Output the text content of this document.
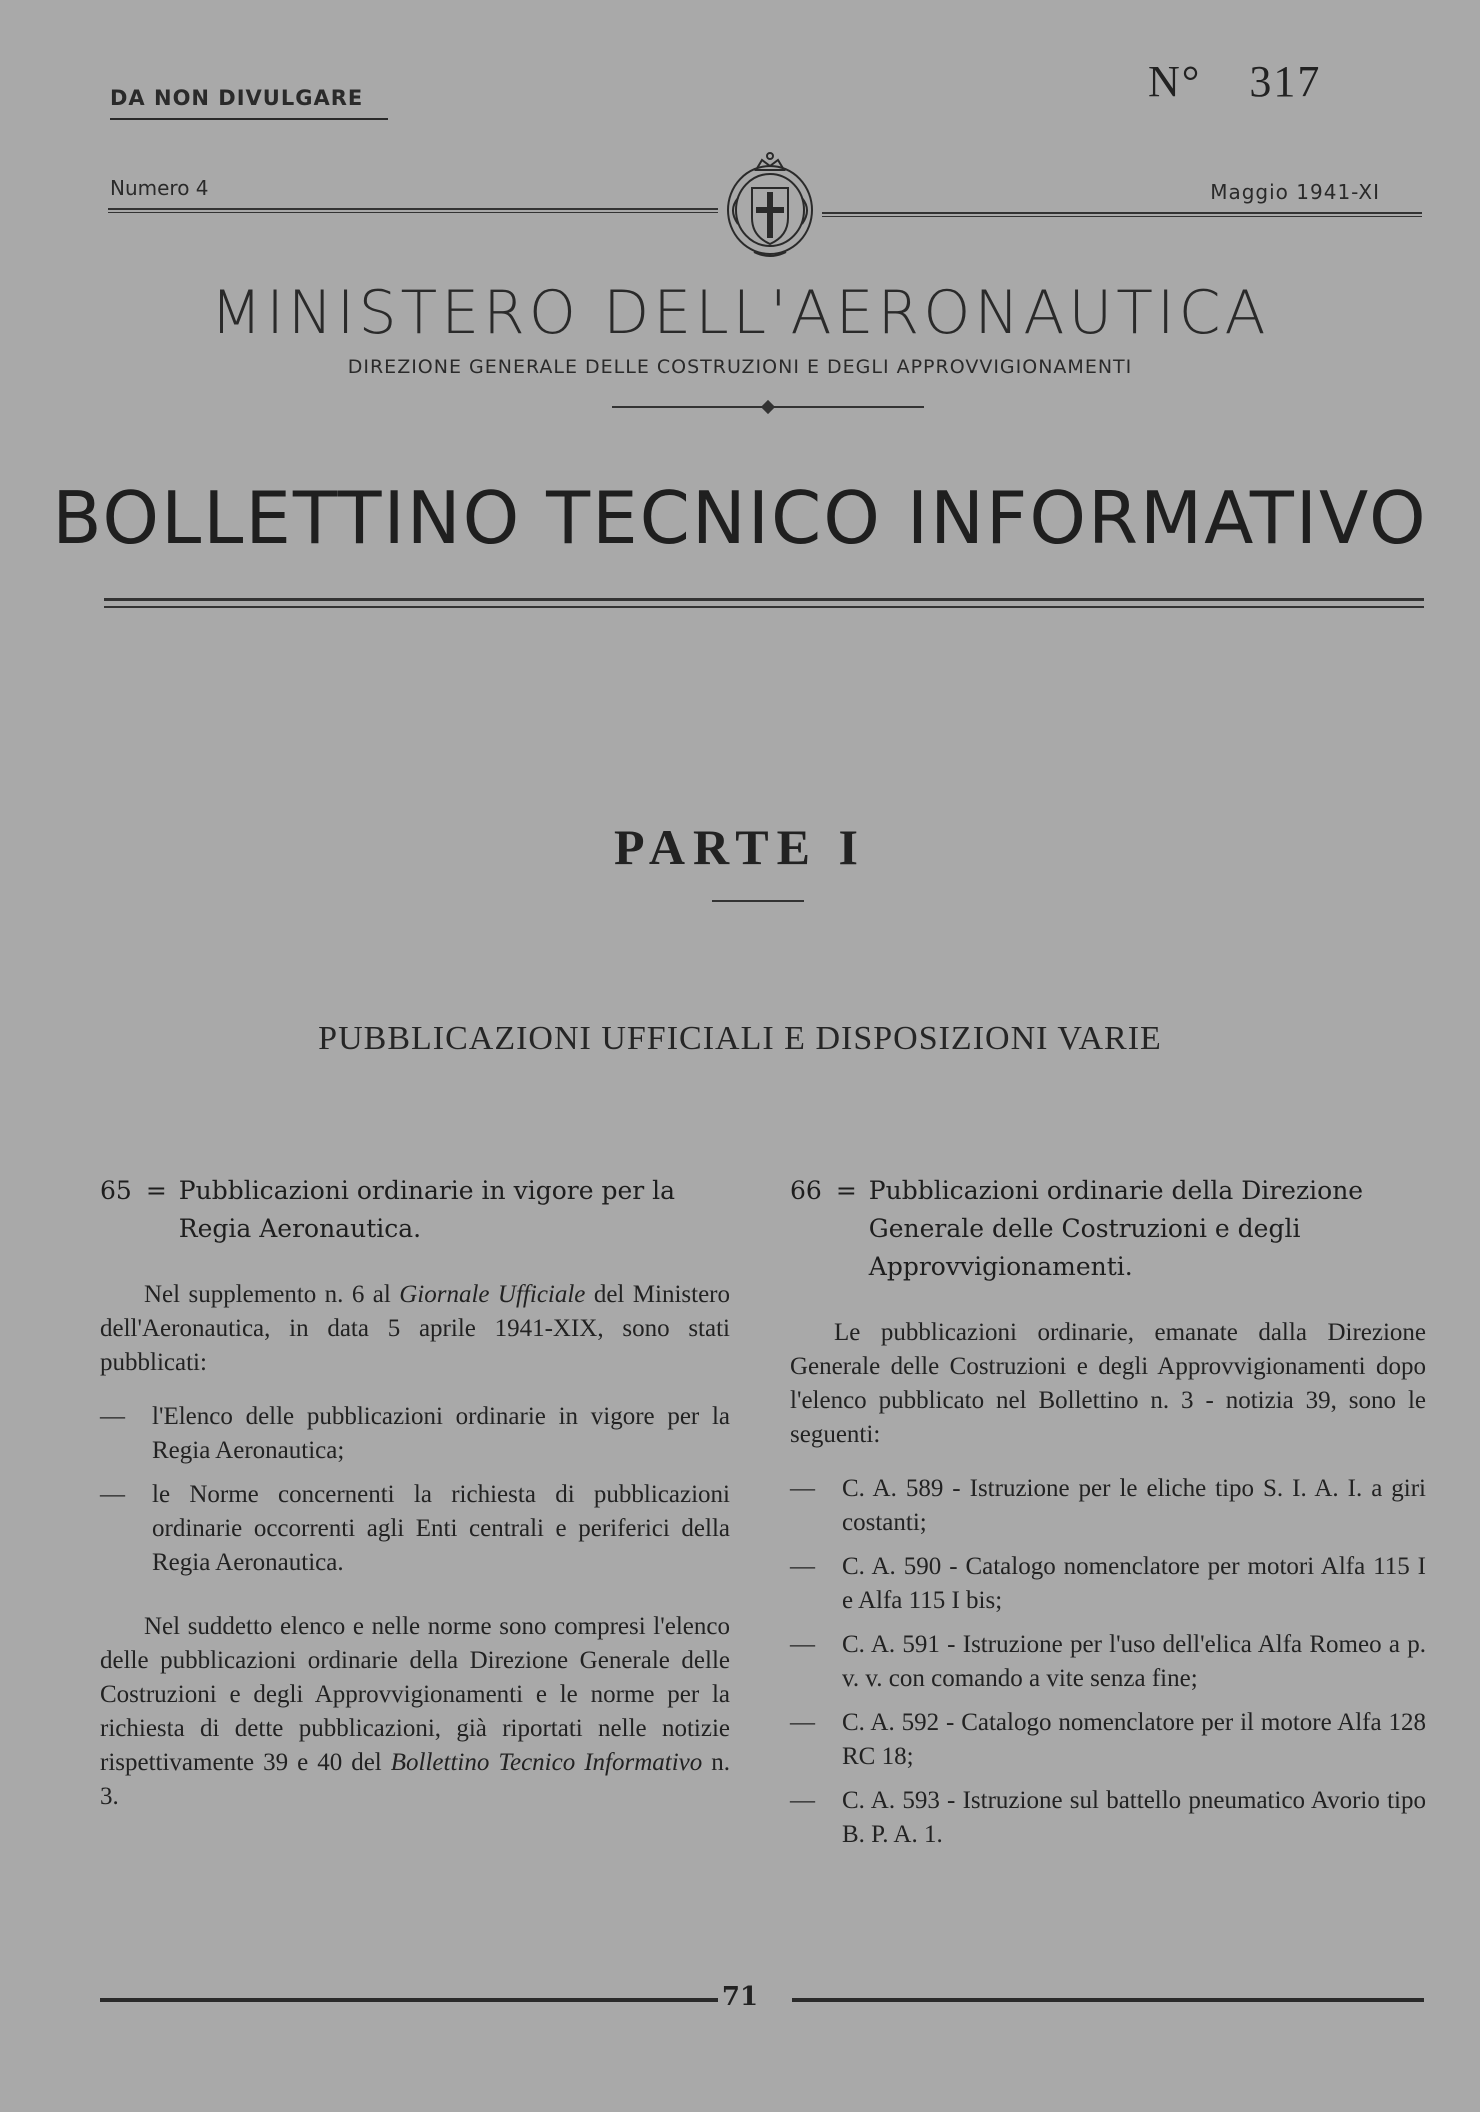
DA NON DIVULGARE	N° 317
Numero 4	Maggio 1941-XI
MINISTERO DELL'AERONAUTICA
DIREZIONE GENERALE DELLE COSTRUZIONI E DEGLI APPROVVIGIONAMENTI
BOLLETTINO TECNICO INFORMATIVO
PARTE I
PUBBLICAZIONI UFFICIALI E DISPOSIZIONI VARIE
65 = Pubblicazioni ordinarie in vigore per la Regia Aeronautica.
Nel supplemento n. 6 al Giornale Ufficiale del Ministero dell'Aeronautica, in data 5 aprile 1941-XIX, sono stati pubblicati:
—	l'Elenco delle pubblicazioni ordinarie in vigore per la Regia Aeronautica;
—	le Norme concernenti la richiesta di pubblicazioni ordinarie occorrenti agli Enti centrali e periferici della Regia Aeronautica.
Nel suddetto elenco e nelle norme sono compresi l'elenco delle pubblicazioni ordinarie della Direzione Generale delle Costruzioni e degli Approvvigionamenti e le norme per la richiesta di dette pubblicazioni, già riportati nelle notizie rispettivamente 39 e 40 del Bollettino Tecnico Informativo n. 3.
66 = Pubblicazioni ordinarie della Direzione Generale delle Costruzioni e degli Approvvigionamenti.
Le pubblicazioni ordinarie, emanate dalla Direzione Generale delle Costruzioni e degli Approvvigionamenti dopo l'elenco pubblicato nel Bollettino n. 3 - notizia 39, sono le seguenti:
—	C. A. 589 - Istruzione per le eliche tipo S. I. A. I. a giri costanti;
—	C. A. 590 - Catalogo nomenclatore per motori Alfa 115 I e Alfa 115 I bis;
—	C. A. 591 - Istruzione per l'uso dell'elica Alfa Romeo a p. v. v. con comando a vite senza fine;
—	C. A. 592 - Catalogo nomenclatore per il motore Alfa 128 RC 18;
—	C. A. 593 - Istruzione sul battello pneumatico Avorio tipo B. P. A. 1.
71
